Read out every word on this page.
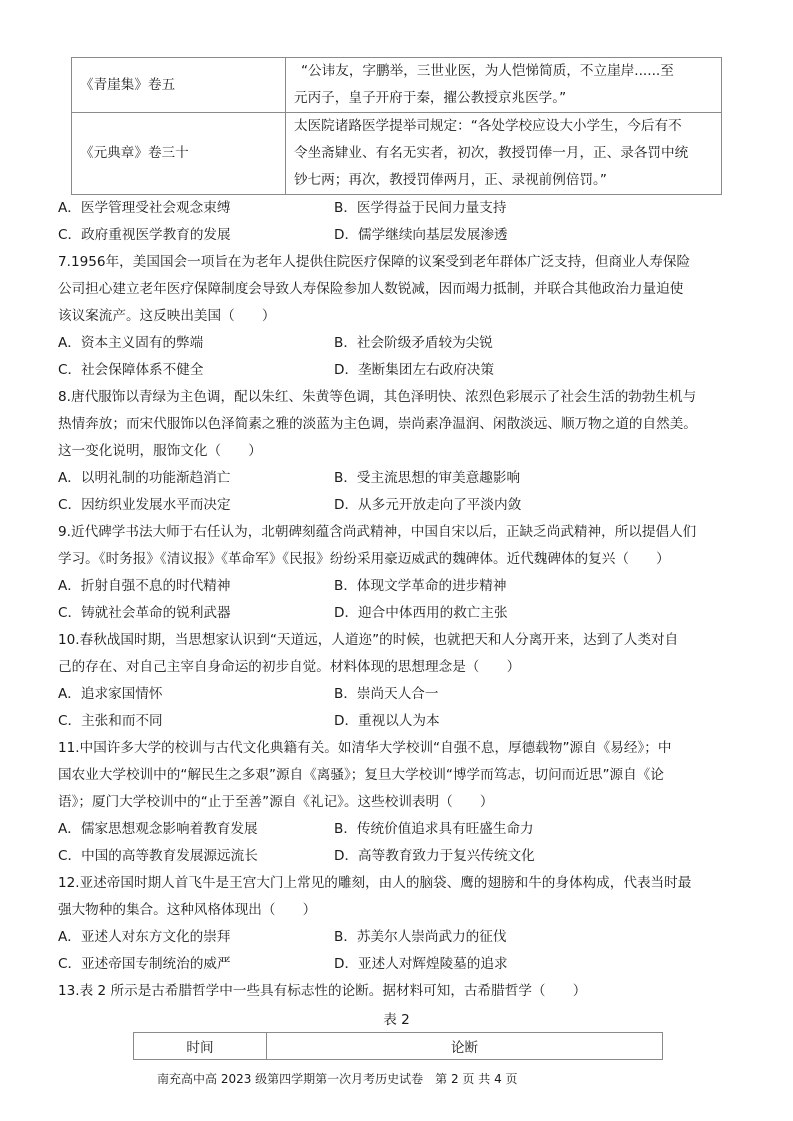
《青崖集》卷五	“公讳友，字鹏举，三世业医，为人恺悌简质，不立崖岸......至
元丙子，皇子开府于秦，擢公教授京兆医学。”

《元典章》卷三十	太医院诸路医学提举司规定：“各处学校应设大小学生，今后有不
令坐斋肄业、有名无实者，初次，教授罚俸一月，正、录各罚中统
钞七两；再次，教授罚俸两月，正、录视前例倍罚。”
A．医学管理受社会观念束缚	B．医学得益于民间力量支持
C．政府重视医学教育的发展	D．儒学继续向基层发展渗透
7.1956年，美国国会一项旨在为老年人提供住院医疗保障的议案受到老年群体广泛支持，但商业人寿保险
公司担心建立老年医疗保障制度会导致人寿保险参加人数锐减，因而竭力抵制，并联合其他政治力量迫使
该议案流产。这反映出美国（　　）
A．资本主义固有的弊端	B．社会阶级矛盾较为尖锐
C．社会保障体系不健全	D．垄断集团左右政府决策
8.唐代服饰以青绿为主色调，配以朱红、朱黄等色调，其色泽明快、浓烈色彩展示了社会生活的勃勃生机与
热情奔放；而宋代服饰以色泽简素之雅的淡蓝为主色调，崇尚素净温润、闲散淡远、顺万物之道的自然美。
这一变化说明，服饰文化（　　）
A．以明礼制的功能渐趋消亡	B．受主流思想的审美意趣影响
C．因纺织业发展水平而决定	D．从多元开放走向了平淡内敛
9.近代碑学书法大师于右任认为，北朝碑刻蕴含尚武精神，中国自宋以后，正缺乏尚武精神，所以提倡人们
学习。《时务报》《清议报》《革命军》《民报》纷纷采用豪迈威武的魏碑体。近代魏碑体的复兴（　　）
A．折射自强不息的时代精神	B．体现文学革命的进步精神
C．铸就社会革命的锐利武器	D．迎合中体西用的救亡主张
10.春秋战国时期，当思想家认识到“天道远，人道迩”的时候，也就把天和人分离开来，达到了人类对自
己的存在、对自己主宰自身命运的初步自觉。材料体现的思想理念是（　　）
A．追求家国情怀	B．崇尚天人合一
C．主张和而不同	D．重视以人为本
11.中国许多大学的校训与古代文化典籍有关。如清华大学校训“自强不息，厚德载物”源自《易经》；中
国农业大学校训中的“解民生之多艰”源自《离骚》；复旦大学校训“博学而笃志，切问而近思”源自《论
语》；厦门大学校训中的“止于至善”源自《礼记》。这些校训表明（　　）
A．儒家思想观念影响着教育发展	B．传统价值追求具有旺盛生命力
C．中国的高等教育发展源远流长	D．高等教育致力于复兴传统文化
12.亚述帝国时期人首飞牛是王宫大门上常见的雕刻，由人的脑袋、鹰的翅膀和牛的身体构成，代表当时最
强大物种的集合。这种风格体现出（　　）
A．亚述人对东方文化的崇拜	B．苏美尔人崇尚武力的征伐
C．亚述帝国专制统治的威严	D．亚述人对辉煌陵墓的追求
13.表 2 所示是古希腊哲学中一些具有标志性的论断。据材料可知，古希腊哲学（　　）
表 2
时间	论断
南充高中高 2023 级第四学期第一次月考历史试卷　第 2 页 共 4 页
